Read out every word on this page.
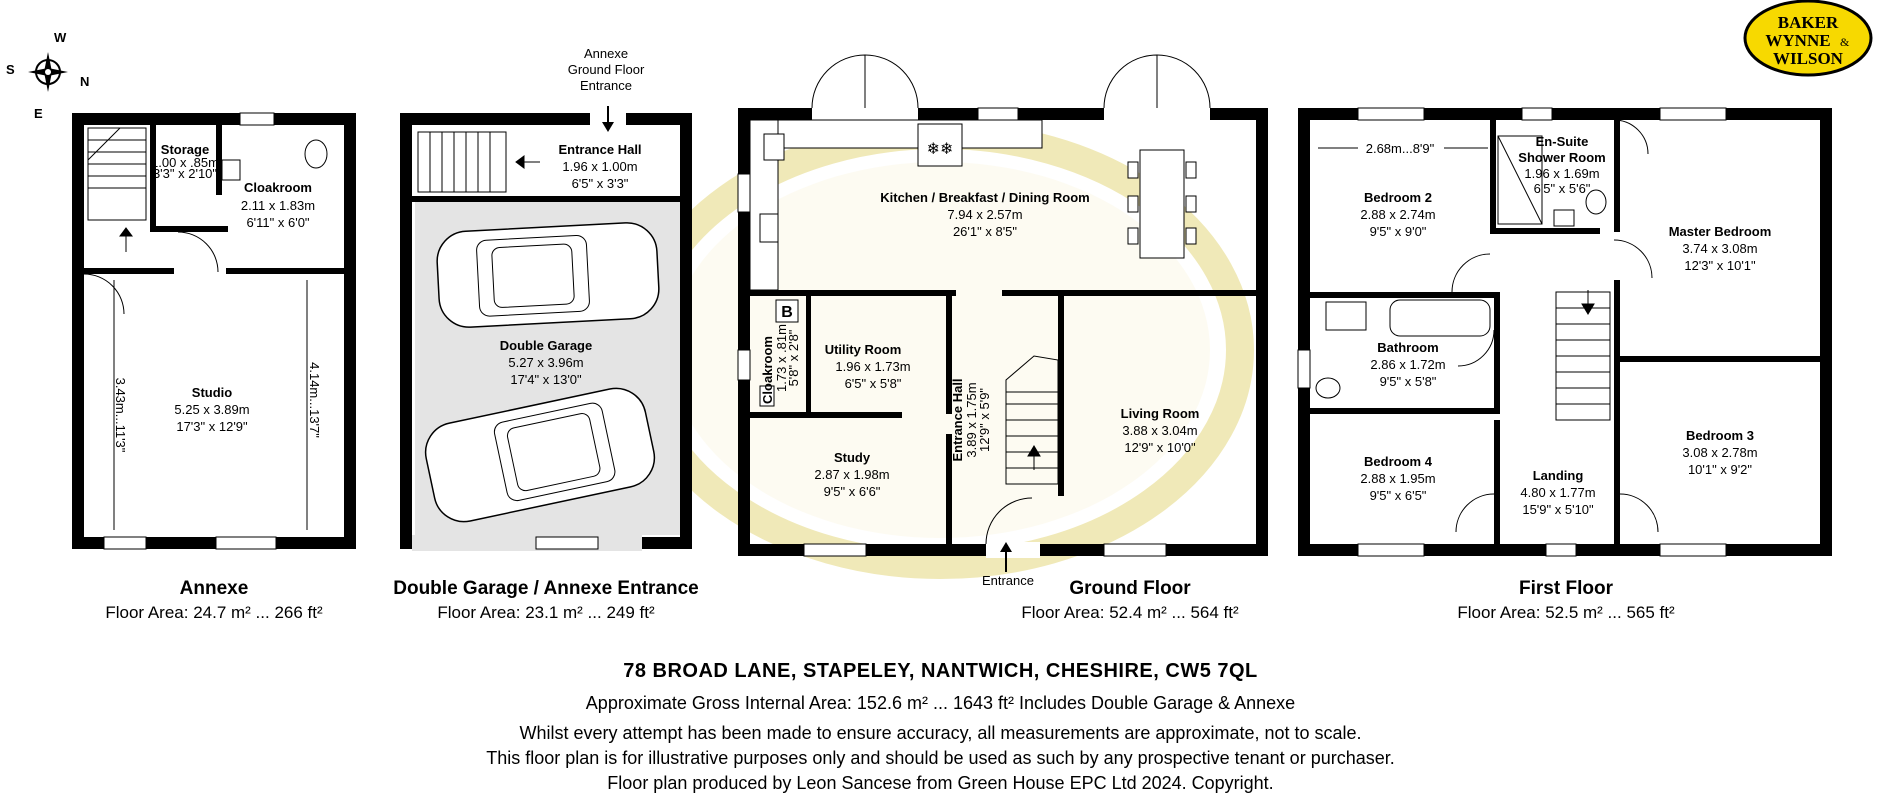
W
S
N
E
BAKER
WYNNE &
WILSON
Storage
1.00 x .85m
3'3" x 2'10"
Cloakroom
2.11 x 1.83m
6'11" x 6'0"
Studio
5.25 x 3.89m
17'3" x 12'9"
3.43m...11'3"	4.14m...13'7"
Annexe
Ground Floor
Entrance
Entrance Hall
1.96 x 1.00m
6'5" x 3'3"
Double Garage
5.27 x 3.96m
17'4" x 13'0"
❄❄
B
Kitchen / Breakfast / Dining Room
7.94 x 2.57m
26'1" x 8'5"
Utility Room
1.96 x 1.73m
6'5" x 5'8"
Cloakroom 1.73 x .81m
5'8" x 2'8"
Study
2.87 x 1.98m
9'5" x 6'6"
Entrance Hall 3.89 x 1.75m
12'9" x 5'9"	Living Room
3.88 x 3.04m
12'9" x 10'0"
2.68m...8'9"
Bedroom 2
2.88 x 2.74m
9'5" x 9'0"
En-Suite
Shower Room
1.96 x 1.69m
6'5" x 5'6"
Master Bedroom
3.74 x 3.08m
12'3" x 10'1"
Bathroom
2.86 x 1.72m
9'5" x 5'8"
Bedroom 4
2.88 x 1.95m
9'5" x 6'5"
Landing
4.80 x 1.77m
15'9" x 5'10"
Bedroom 3
3.08 x 2.78m
10'1" x 9'2"
Entrance
Annexe
Floor Area: 24.7 m² ... 266 ft²
Double Garage / Annexe Entrance
Floor Area: 23.1 m² ... 249 ft²
Ground Floor
Floor Area: 52.4 m² ... 564 ft²
First Floor
Floor Area: 52.5 m² ... 565 ft²
78 BROAD LANE, STAPELEY, NANTWICH, CHESHIRE, CW5 7QL
Approximate Gross Internal Area: 152.6 m² ... 1643 ft² Includes Double Garage & Annexe
Whilst every attempt has been made to ensure accuracy, all measurements are approximate, not to scale.
This floor plan is for illustrative purposes only and should be used as such by any prospective tenant or purchaser.
Floor plan produced by Leon Sancese from Green House EPC Ltd 2024. Copyright.
